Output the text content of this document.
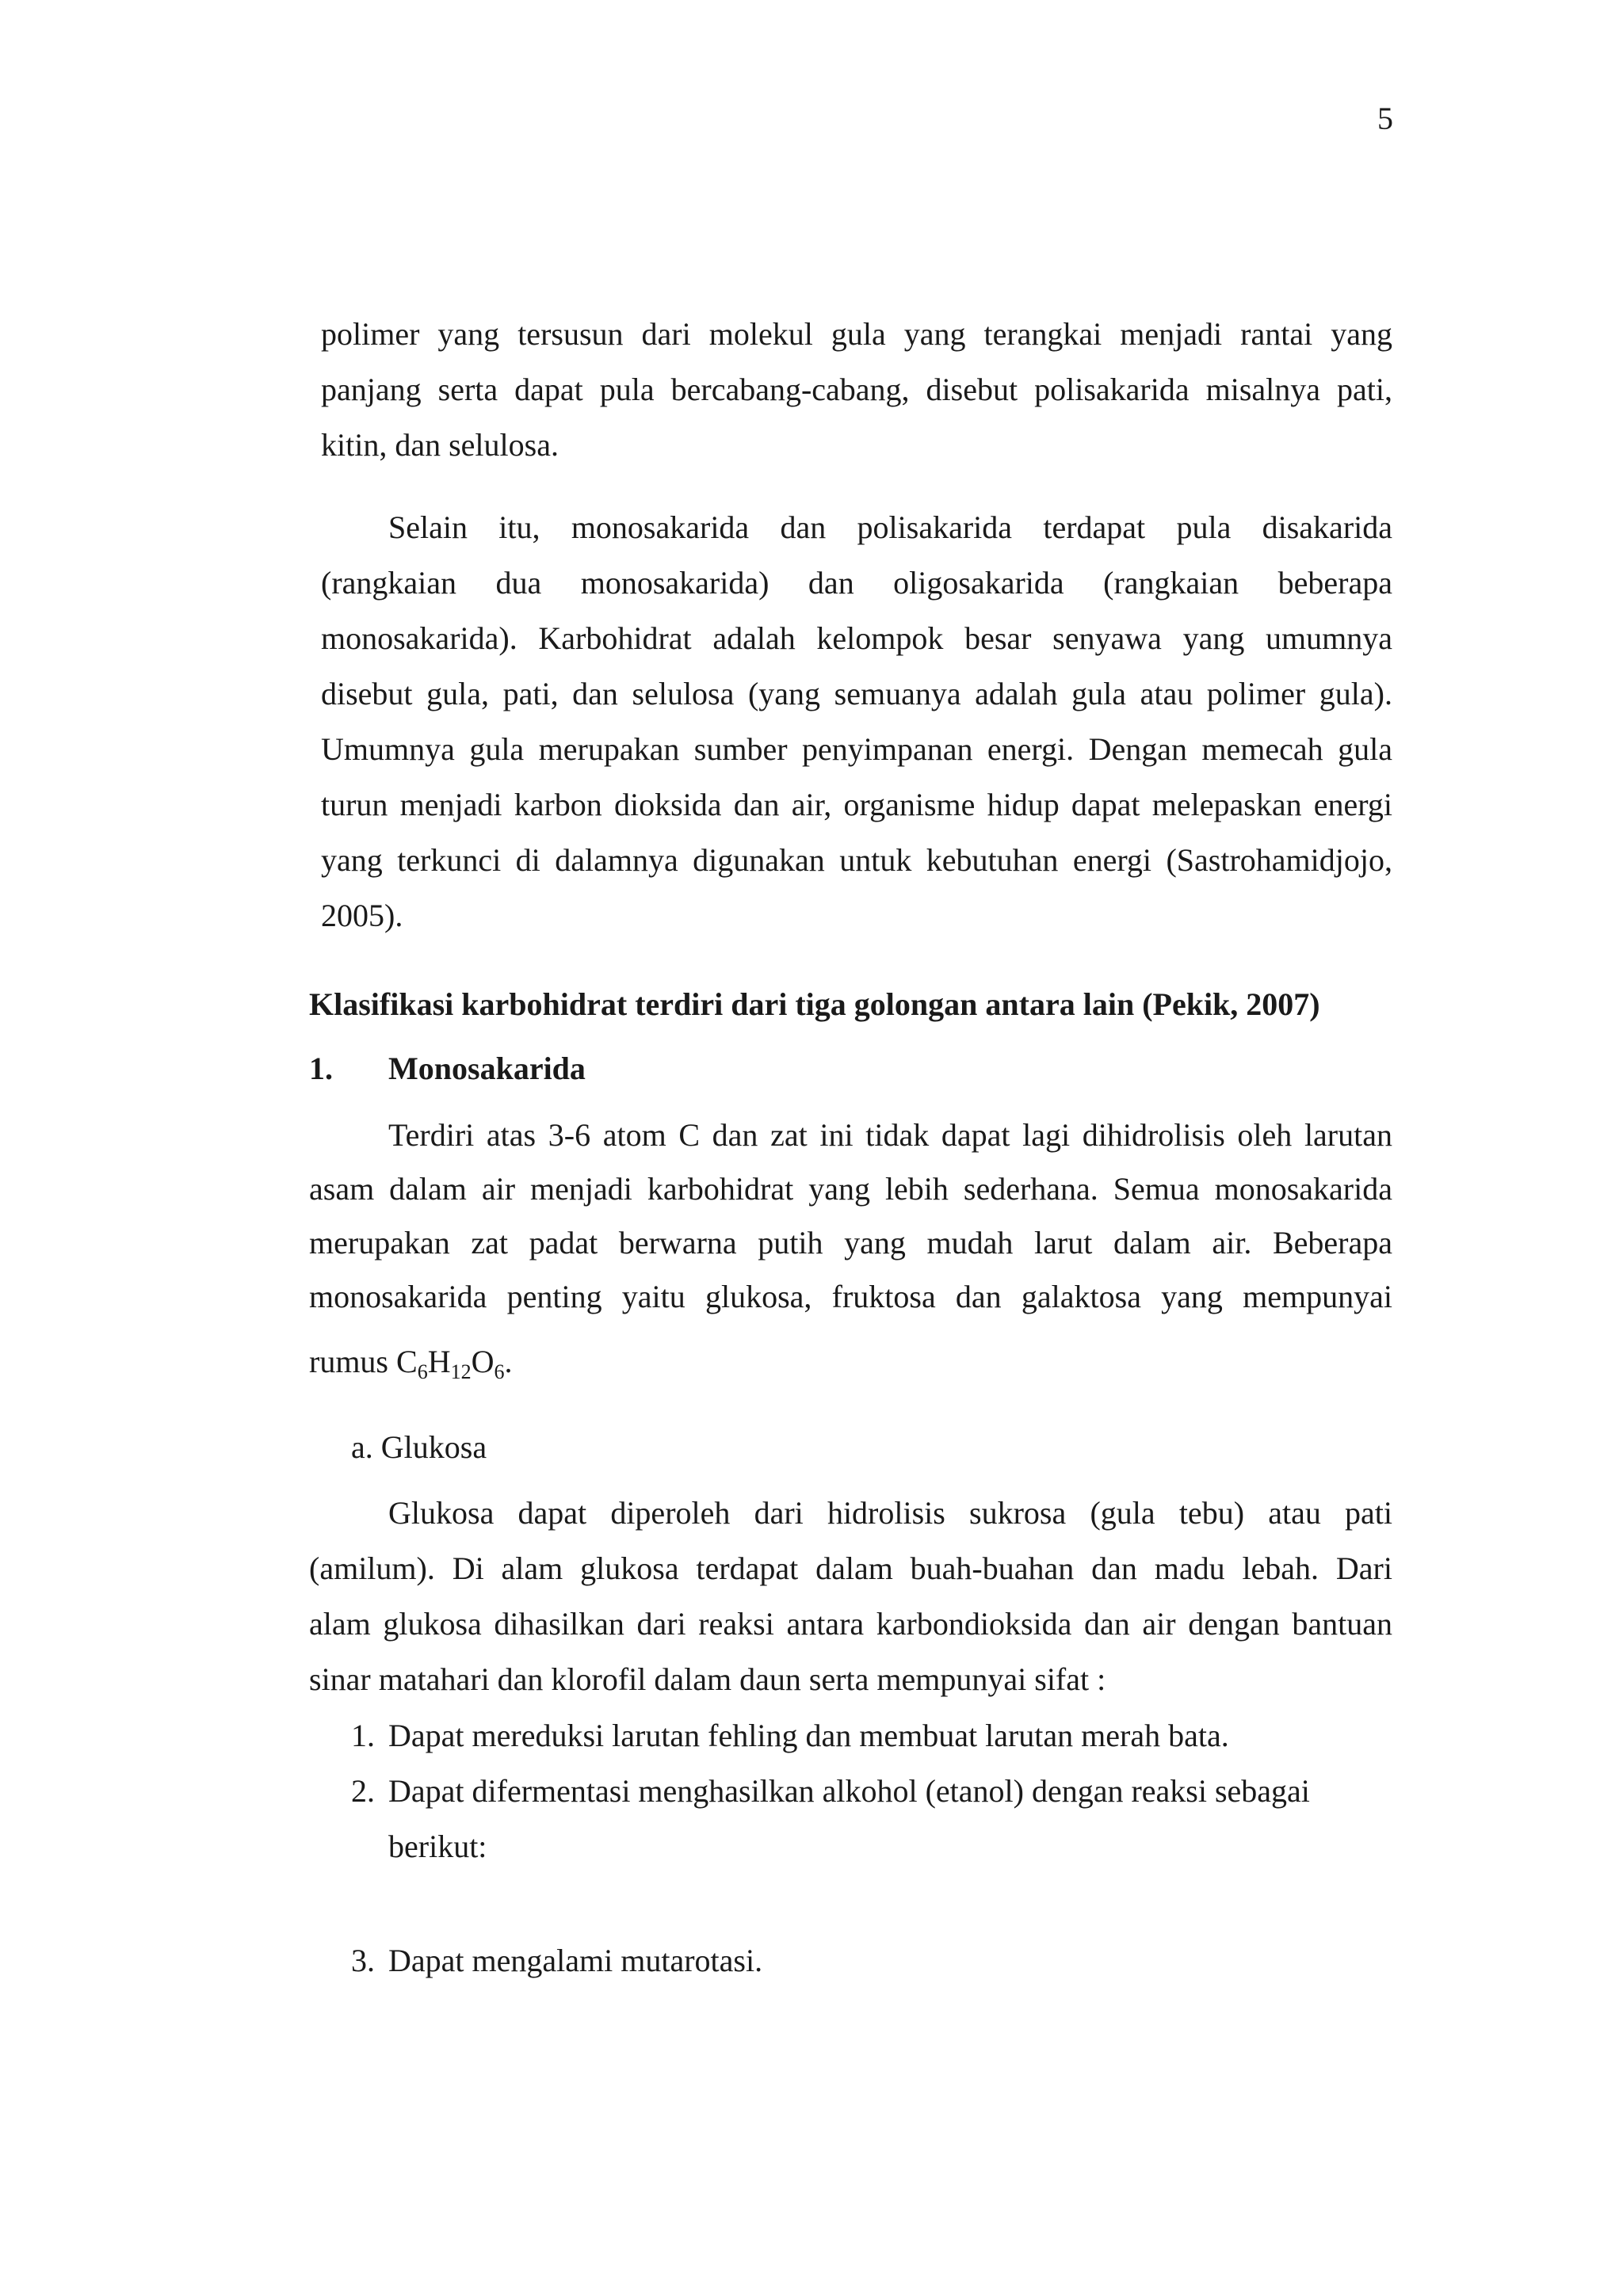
5
polimer yang tersusun dari molekul gula yang terangkai menjadi rantai yang
panjang serta dapat pula bercabang-cabang, disebut polisakarida misalnya pati,
kitin, dan selulosa.
Selain itu, monosakarida dan polisakarida terdapat pula disakarida
(rangkaian dua monosakarida) dan oligosakarida (rangkaian beberapa
monosakarida). Karbohidrat adalah kelompok besar senyawa yang umumnya
disebut gula, pati, dan selulosa (yang semuanya adalah gula atau polimer gula).
Umumnya gula merupakan sumber penyimpanan energi. Dengan memecah gula
turun menjadi karbon dioksida dan air, organisme hidup dapat melepaskan energi
yang terkunci di dalamnya digunakan untuk kebutuhan energi (Sastrohamidjojo,
2005).
Klasifikasi karbohidrat terdiri dari tiga golongan antara lain (Pekik, 2007)
1. Monosakarida
Terdiri atas 3-6 atom C dan zat ini tidak dapat lagi dihidrolisis oleh larutan
asam dalam air menjadi karbohidrat yang lebih sederhana. Semua monosakarida
merupakan zat padat berwarna putih yang mudah larut dalam air. Beberapa
monosakarida penting yaitu glukosa, fruktosa dan galaktosa yang mempunyai
rumus $C_6H_{12}O_6$.
a. Glukosa
Glukosa dapat diperoleh dari hidrolisis sukrosa (gula tebu) atau pati
(amilum). Di alam glukosa terdapat dalam buah-buahan dan madu lebah. Dari
alam glukosa dihasilkan dari reaksi antara karbondioksida dan air dengan bantuan
sinar matahari dan klorofil dalam daun serta mempunyai sifat :
1. Dapat mereduksi larutan fehling dan membuat larutan merah bata.
2. Dapat difermentasi menghasilkan alkohol (etanol) dengan reaksi sebagai
berikut:
3. Dapat mengalami mutarotasi.
